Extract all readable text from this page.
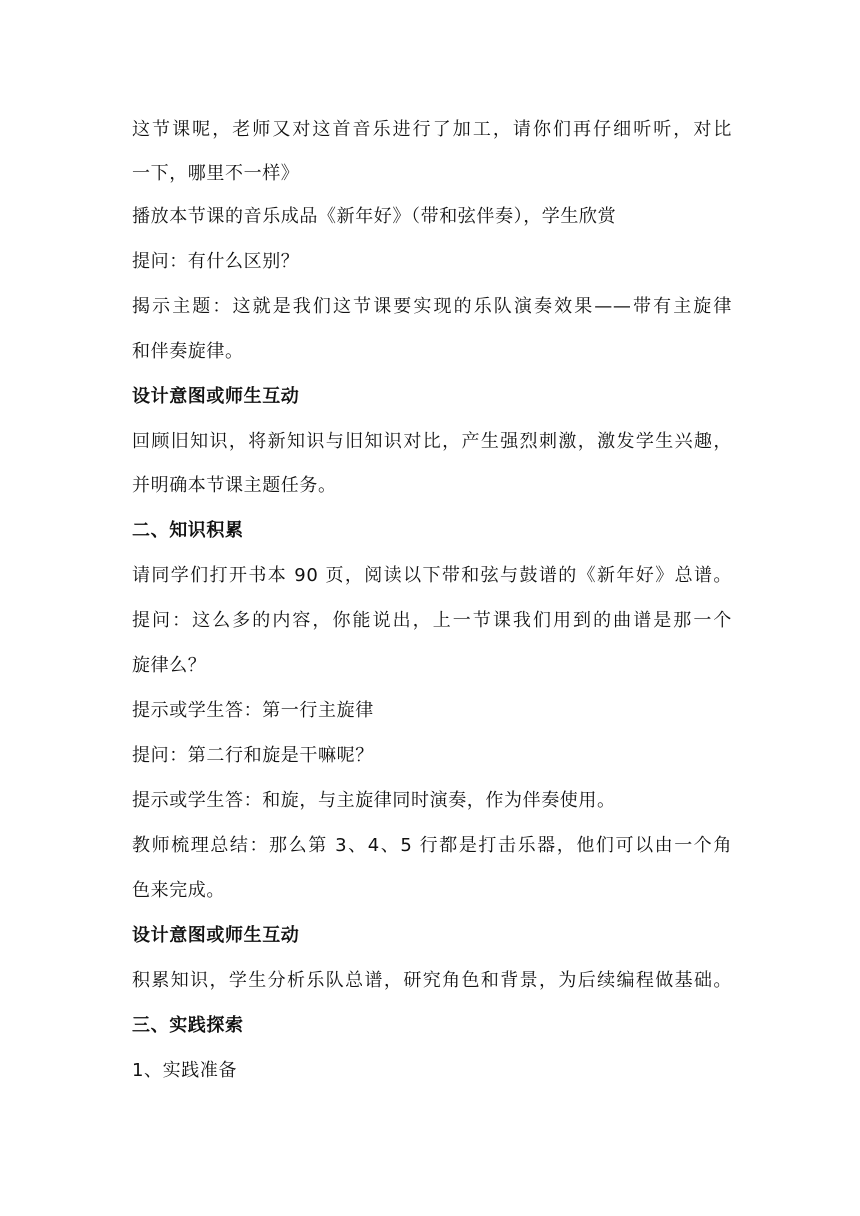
这节课呢，老师又对这首音乐进行了加工，请你们再仔细听听，对比
一下，哪里不一样》
播放本节课的音乐成品《新年好》（带和弦伴奏），学生欣赏
提问：有什么区别？
揭示主题：这就是我们这节课要实现的乐队演奏效果——带有主旋律
和伴奏旋律。
设计意图或师生互动
回顾旧知识，将新知识与旧知识对比，产生强烈刺激，激发学生兴趣，
并明确本节课主题任务。
二、知识积累
请同学们打开书本 90 页，阅读以下带和弦与鼓谱的《新年好》总谱。
提问：这么多的内容，你能说出，上一节课我们用到的曲谱是那一个
旋律么？
提示或学生答：第一行主旋律
提问：第二行和旋是干嘛呢？
提示或学生答：和旋，与主旋律同时演奏，作为伴奏使用。
教师梳理总结：那么第 3、4、5 行都是打击乐器，他们可以由一个角
色来完成。
设计意图或师生互动
积累知识，学生分析乐队总谱，研究角色和背景，为后续编程做基础。
三、实践探索
1、实践准备
